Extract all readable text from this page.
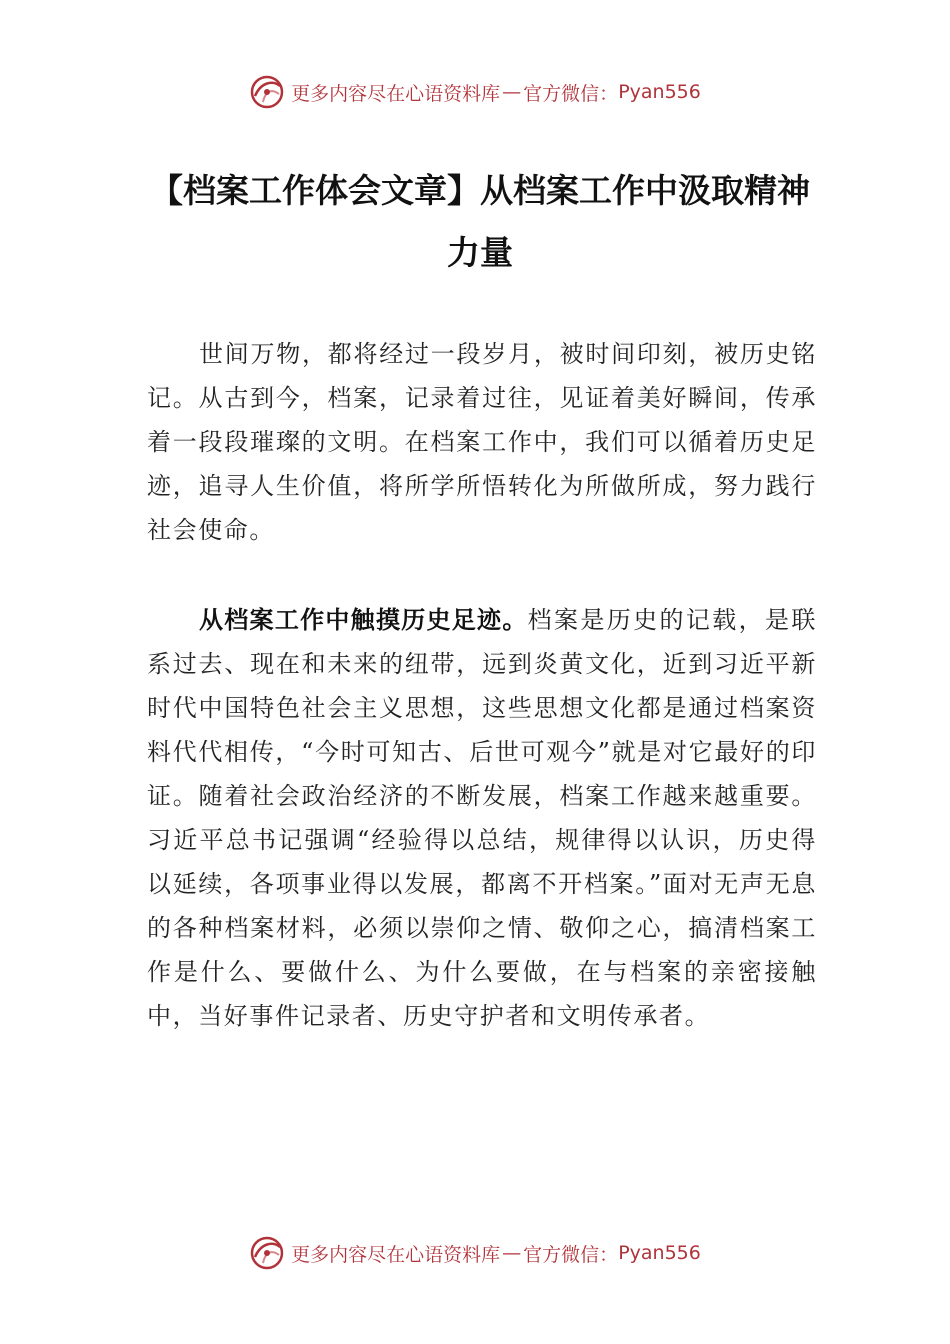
更多内容尽在心语资料库 — 官方微信： Pyan556
【档案工作体会文章】从档案工作中汲取精神力量
世间万物，都将经过一段岁月，被时间印刻，被历史铭记。从古到今，档案，记录着过往，见证着美好瞬间，传承着一段段璀璨的文明。在档案工作中，我们可以循着历史足迹，追寻人生价值，将所学所悟转化为所做所成，努力践行社会使命。
从档案工作中触摸历史足迹。档案是历史的记载，是联系过去、现在和未来的纽带，远到炎黄文化，近到习近平新时代中国特色社会主义思想，这些思想文化都是通过档案资料代代相传，“今时可知古、后世可观今”就是对它最好的印证。随着社会政治经济的不断发展，档案工作越来越重要。习近平总书记强调“经验得以总结，规律得以认识，历史得以延续，各项事业得以发展，都离不开档案。”面对无声无息的各种档案材料，必须以崇仰之情、敬仰之心，搞清档案工作是什么、要做什么、为什么要做，在与档案的亲密接触中，当好事件记录者、历史守护者和文明传承者。
更多内容尽在心语资料库 — 官方微信： Pyan556
